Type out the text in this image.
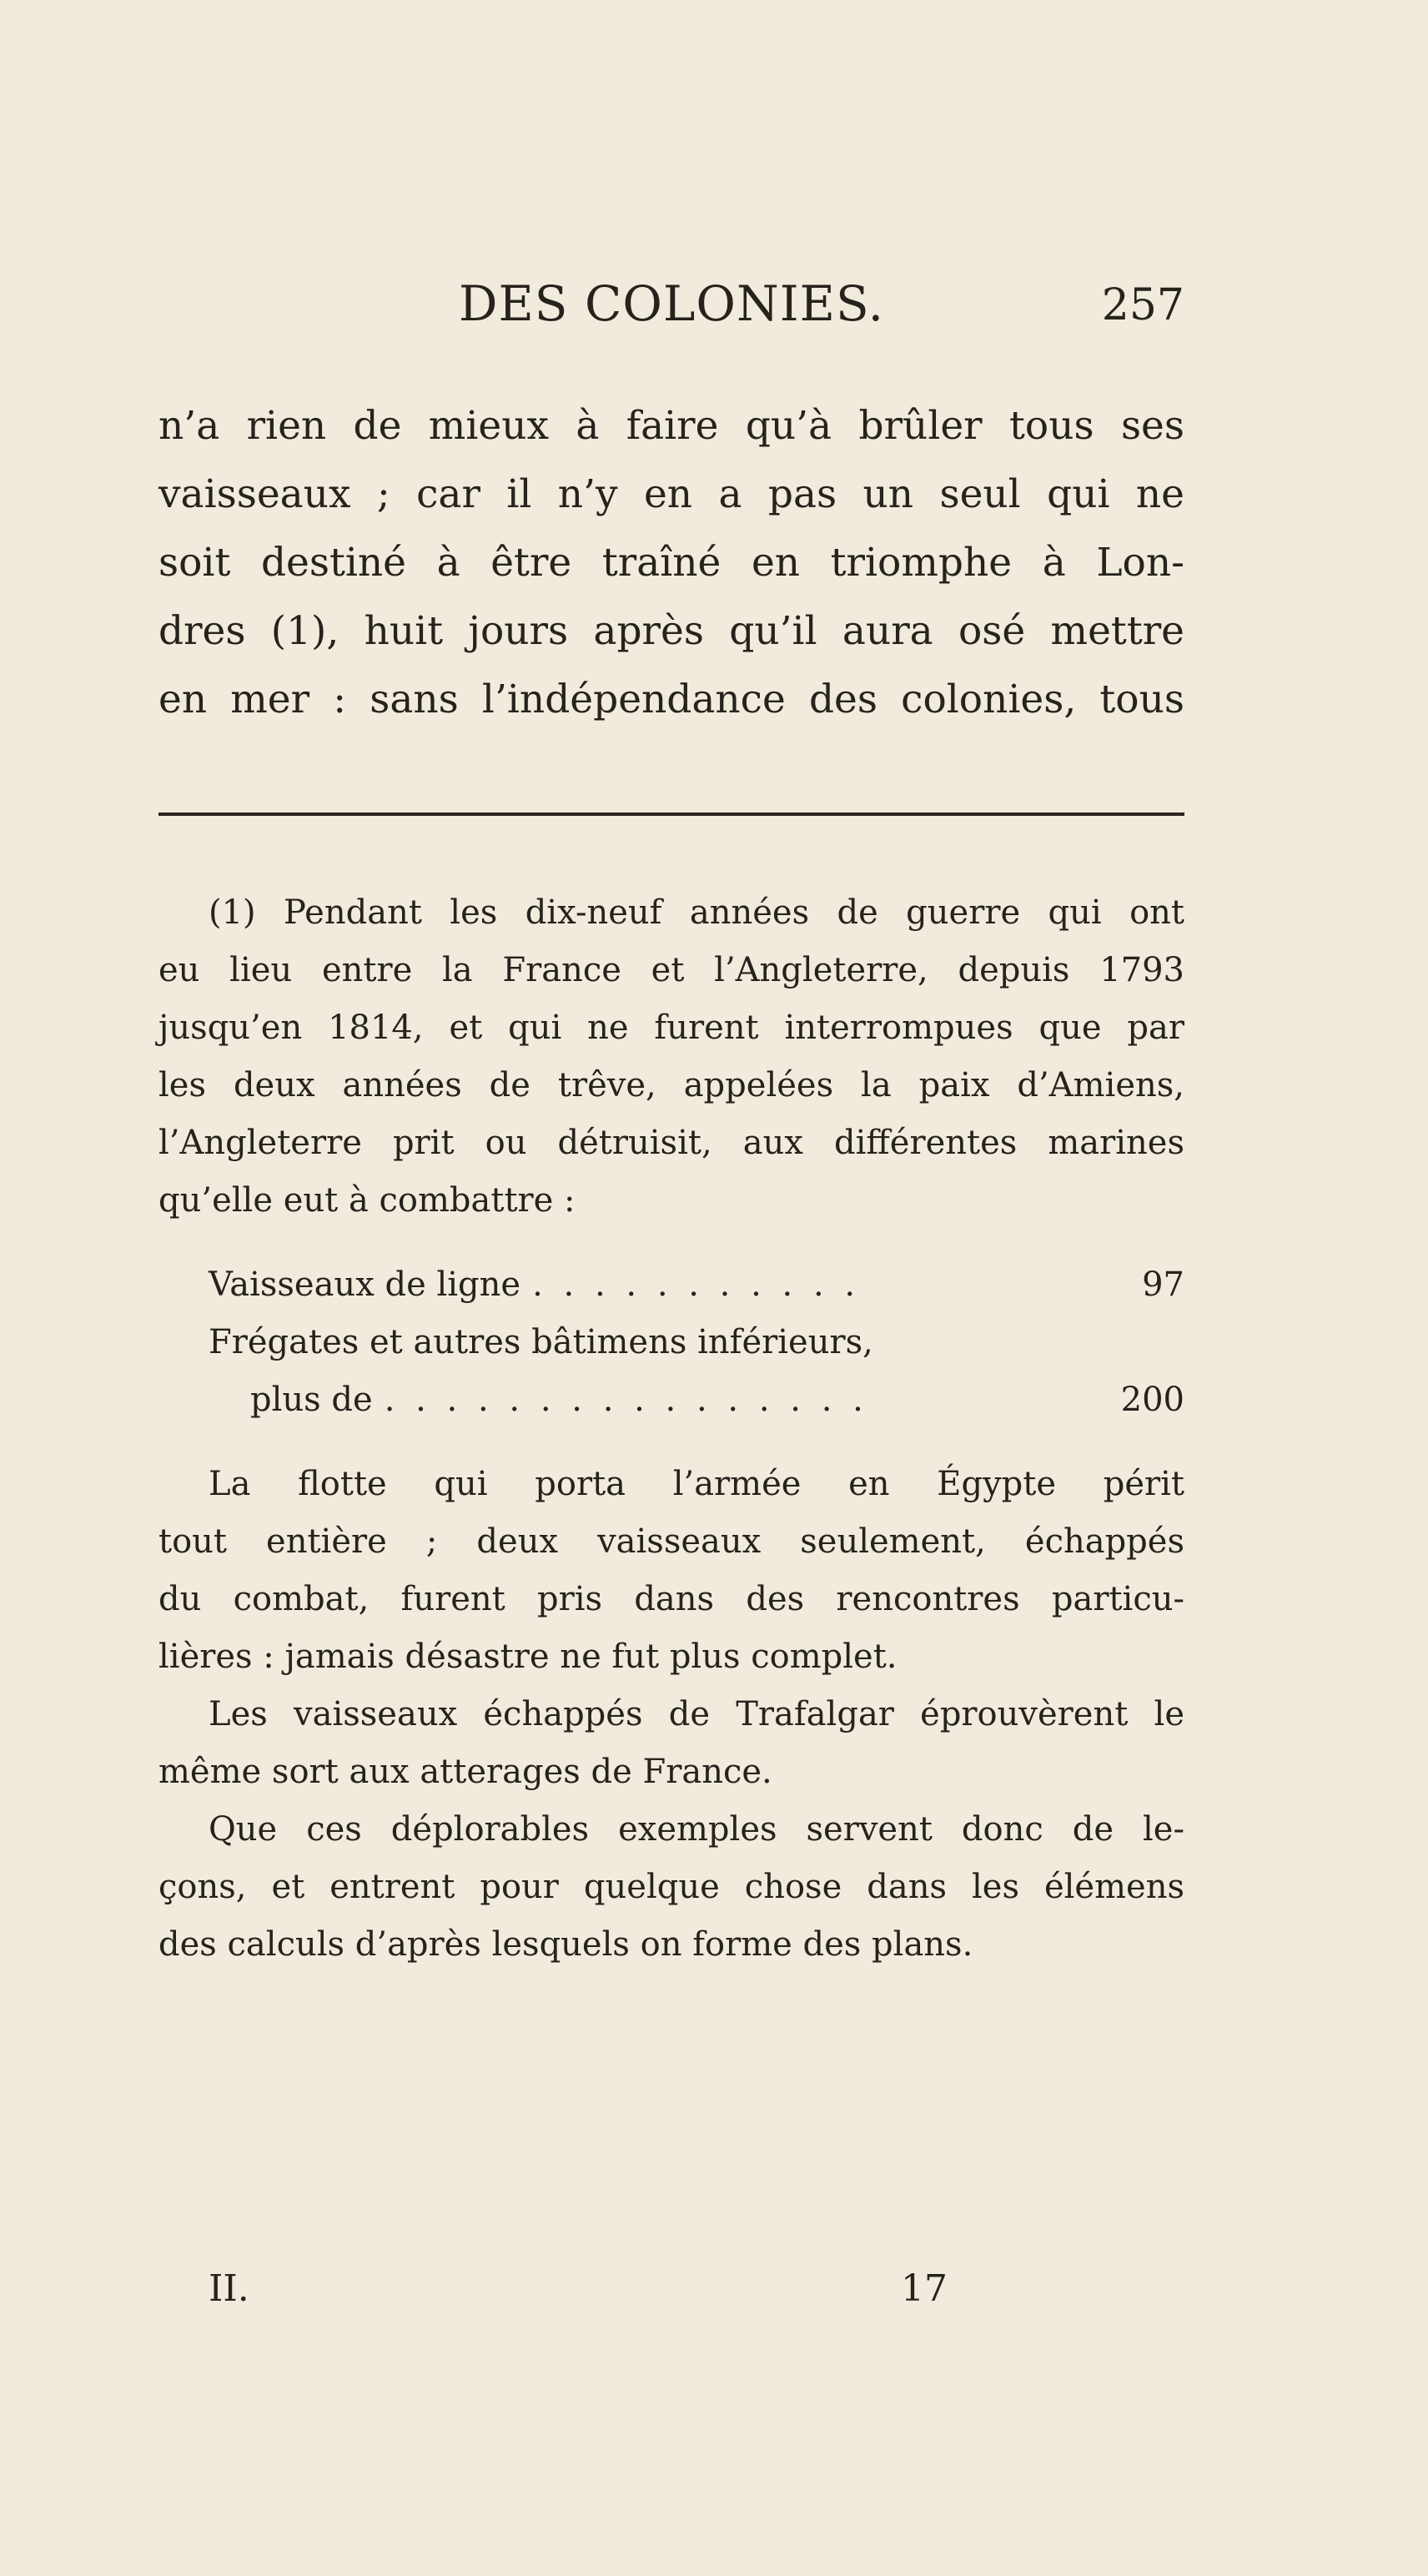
DES COLONIES.	257
n’a rien de mieux à faire qu’à brûler tous ses
vaisseaux ; car il n’y en a pas un seul qui ne
soit destiné à être traîné en triomphe à Lon-
dres (1), huit jours après qu’il aura osé mettre
en mer : sans l’indépendance des colonies, tous
(1) Pendant les dix-neuf années de guerre qui ont
eu lieu entre la France et l’Angleterre, depuis 1793
jusqu’en 1814, et qui ne furent interrompues que par
les deux années de trêve, appelées la paix d’Amiens,
l’Angleterre prit ou détruisit, aux différentes marines
qu’elle eut à combattre :
Vaisseaux de ligne . . . . . . . . . . .	97
Frégates et autres bâtimens inférieurs,
plus de . . . . . . . . . . . . . . . .	200
La flotte qui porta l’armée en Égypte périt
tout entière ; deux vaisseaux seulement, échappés
du combat, furent pris dans des rencontres particu-
lières : jamais désastre ne fut plus complet.
Les vaisseaux échappés de Trafalgar éprouvèrent le
même sort aux atterages de France.
Que ces déplorables exemples servent donc de le-
çons, et entrent pour quelque chose dans les élémens
des calculs d’après lesquels on forme des plans.
II.	17
